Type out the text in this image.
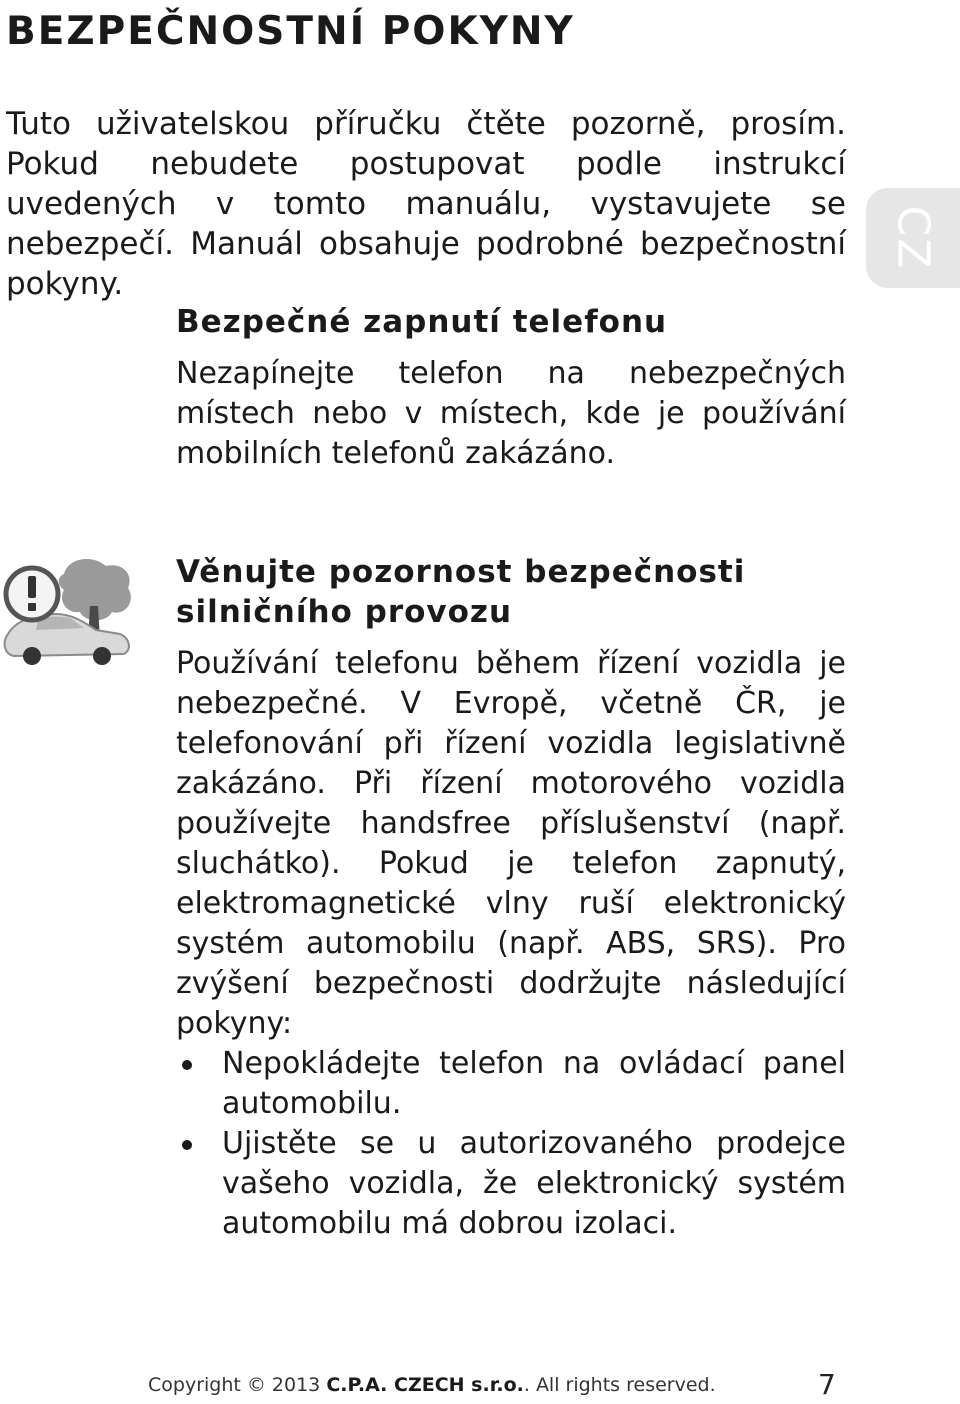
BEZPEČNOSTNÍ POKYNY

Tuto uživatelskou příručku čtěte pozorně, prosím. Pokud nebudete postupovat podle instrukcí uvedených v tomto manuálu, vystavujete se nebezpečí. Manuál obsahuje podrobné bezpečnostní pokyny.

CZ
Bezpečné zapnutí telefonu

Nezapínejte telefon na nebezpečných místech nebo v místech, kde je používání mobilních telefonů zakázáno.

Věnujte pozornost bezpečnosti silničního provozu

Používání telefonu během řízení vozidla je nebezpečné. V Evropě, včetně ČR, je telefonování při řízení vozidla legislativně zakázáno. Při řízení motorového vozidla používejte handsfree příslušenství (např. sluchátko). Pokud je telefon zapnutý, elektromagnetické vlny ruší elektronický systém automobilu (např. ABS, SRS). Pro zvýšení bezpečnosti dodržujte následující pokyny:

Nepokládejte telefon na ovládací panel automobilu.
Ujistěte se u autorizovaného prodejce vašeho vozidla, že elektronický systém automobilu má dobrou izolaci.
Copyright © 2013 C.P.A. CZECH s.r.o.. All rights reserved.	7
